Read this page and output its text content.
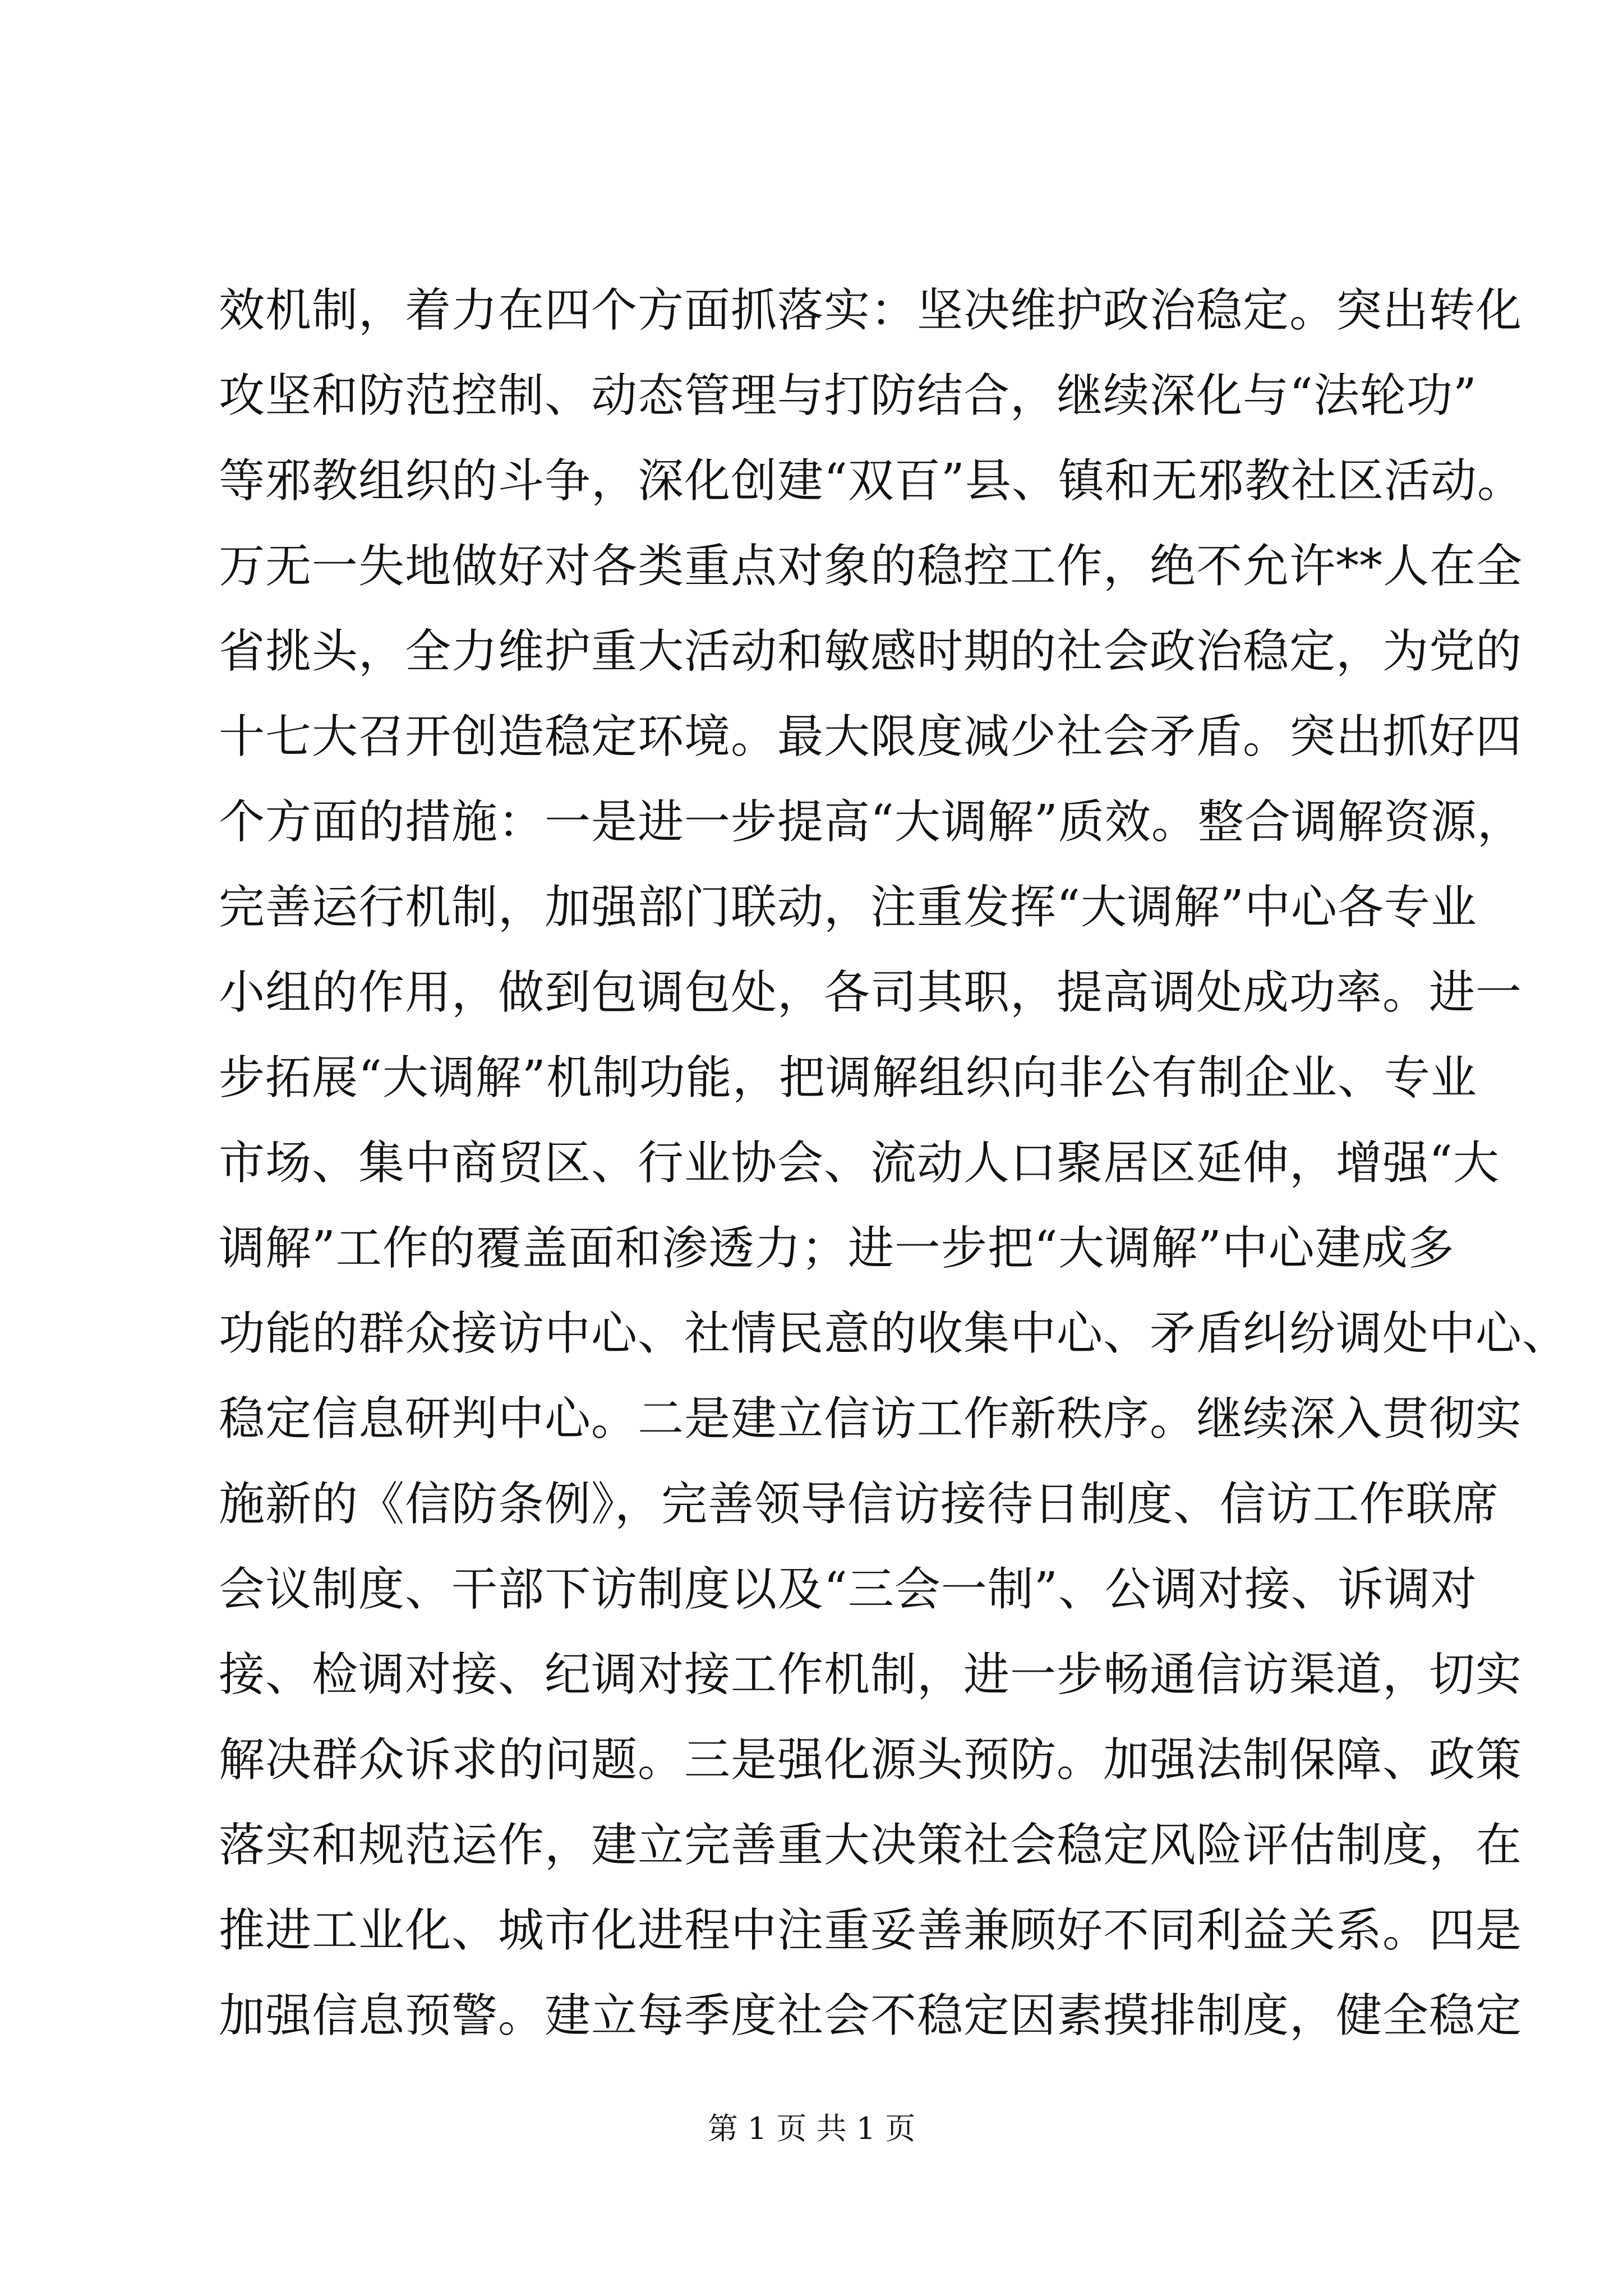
效机制，着力在四个方面抓落实：坚决维护政治稳定。突出转化
攻坚和防范控制、动态管理与打防结合，继续深化与“法轮功”
等邪教组织的斗争，深化创建“双百”县、镇和无邪教社区活动。
万无一失地做好对各类重点对象的稳控工作，绝不允许**人在全
省挑头，全力维护重大活动和敏感时期的社会政治稳定，为党的
十七大召开创造稳定环境。最大限度减少社会矛盾。突出抓好四
个方面的措施：一是进一步提高“大调解”质效。整合调解资源，
完善运行机制，加强部门联动，注重发挥“大调解”中心各专业
小组的作用，做到包调包处，各司其职，提高调处成功率。进一
步拓展“大调解”机制功能，把调解组织向非公有制企业、专业
市场、集中商贸区、行业协会、流动人口聚居区延伸，增强“大
调解”工作的覆盖面和渗透力；进一步把“大调解”中心建成多
功能的群众接访中心、社情民意的收集中心、矛盾纠纷调处中心、
稳定信息研判中心。二是建立信访工作新秩序。继续深入贯彻实
施新的《信防条例》，完善领导信访接待日制度、信访工作联席
会议制度、干部下访制度以及“三会一制”、公调对接、诉调对
接、检调对接、纪调对接工作机制，进一步畅通信访渠道，切实
解决群众诉求的问题。三是强化源头预防。加强法制保障、政策
落实和规范运作，建立完善重大决策社会稳定风险评估制度，在
推进工业化、城市化进程中注重妥善兼顾好不同利益关系。四是
加强信息预警。建立每季度社会不稳定因素摸排制度，健全稳定
第 1 页 共 1 页
